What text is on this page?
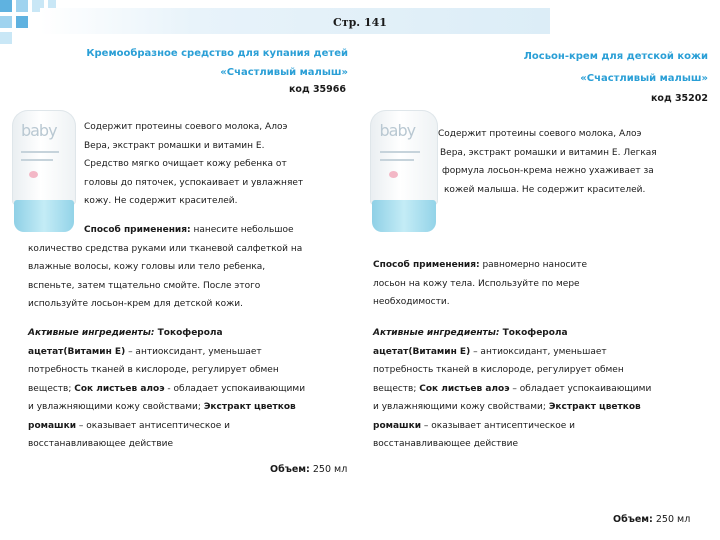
Стр. 141
Кремообразное средство для купания детей
«Счастливый малыш»
код 35966
baby	Содержит протеины соевого молока, Алоэ
Вера, экстракт ромашки и витамин Е.
Средство мягко очищает кожу ребенка от
головы до пяточек, успокаивает и увлажняет
кожу. Не содержит красителей.
Способ применения: нанесите небольшое
количество средства руками или тканевой салфеткой на
влажные волосы, кожу головы или тело ребенка,
вспеньте, затем тщательно смойте. После этого
используйте лосьон-крем для детской кожи.
Активные ингредиенты: Токоферола
ацетат(Витамин Е) – антиоксидант, уменьшает
потребность тканей в кислороде, регулирует обмен
веществ; Сок листьев алоэ - обладает успокаивающими
и увлажняющими кожу свойствами; Экстракт цветков
ромашки – оказывает антисептическое и
восстанавливающее действие
Объем: 250 мл
Лосьон-крем для детской кожи
«Счастливый малыш»
код 35202
baby	Содержит протеины соевого молока, Алоэ
Вера, экстракт ромашки и витамин Е. Легкая
формула лосьон-крема нежно ухаживает за
кожей малыша. Не содержит красителей.
Способ применения: равномерно наносите
лосьон на кожу тела. Используйте по мере
необходимости.
Активные ингредиенты: Токоферола
ацетат(Витамин Е) – антиоксидант, уменьшает
потребность тканей в кислороде, регулирует обмен
веществ; Сок листьев алоэ – обладает успокаивающими
и увлажняющими кожу свойствами; Экстракт цветков
ромашки – оказывает антисептическое и
восстанавливающее действие
Объем: 250 мл
